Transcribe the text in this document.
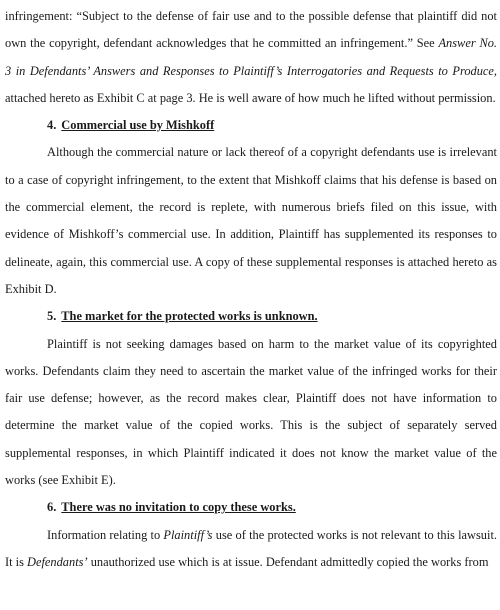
infringement: “Subject to the defense of fair use and to the possible defense that plaintiff did not own the copyright, defendant acknowledges that he committed an infringement.” See Answer No. 3 in Defendants’ Answers and Responses to Plaintiff’s Interrogatories and Requests to Produce, attached hereto as Exhibit C at page 3. He is well aware of how much he lifted without permission.

4. Commercial use by Mishkoff

Although the commercial nature or lack thereof of a copyright defendants use is irrelevant to a case of copyright infringement, to the extent that Mishkoff claims that his defense is based on the commercial element, the record is replete, with numerous briefs filed on this issue, with evidence of Mishkoff’s commercial use. In addition, Plaintiff has supplemented its responses to delineate, again, this commercial use. A copy of these supplemental responses is attached hereto as Exhibit D.

5. The market for the protected works is unknown.

Plaintiff is not seeking damages based on harm to the market value of its copyrighted works. Defendants claim they need to ascertain the market value of the infringed works for their fair use defense; however, as the record makes clear, Plaintiff does not have information to determine the market value of the copied works. This is the subject of separately served supplemental responses, in which Plaintiff indicated it does not know the market value of the works (see Exhibit E).

6. There was no invitation to copy these works.

Information relating to Plaintiff’s use of the protected works is not relevant to this lawsuit. It is Defendants’ unauthorized use which is at issue. Defendant admittedly copied the works from
